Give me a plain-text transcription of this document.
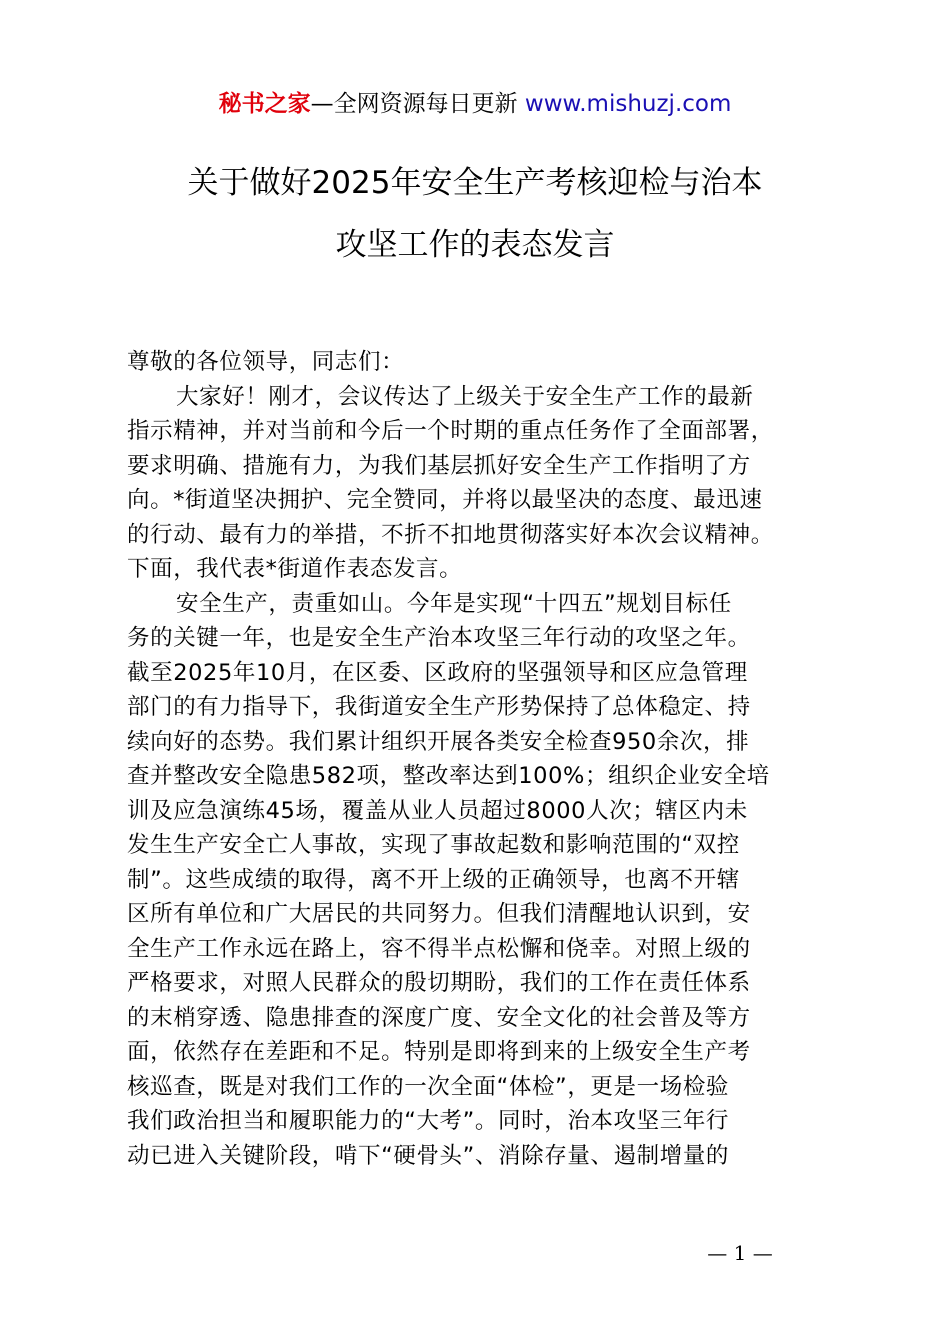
秘书之家—全网资源每日更新 www.mishuzj.com
关于做好2025年安全生产考核迎检与治本
攻坚工作的表态发言
尊敬的各位领导，同志们：
大家好！刚才，会议传达了上级关于安全生产工作的最新
指示精神，并对当前和今后一个时期的重点任务作了全面部署，
要求明确、措施有力，为我们基层抓好安全生产工作指明了方
向。*街道坚决拥护、完全赞同，并将以最坚决的态度、最迅速
的行动、最有力的举措，不折不扣地贯彻落实好本次会议精神。
下面，我代表*街道作表态发言。
安全生产，责重如山。今年是实现“十四五”规划目标任
务的关键一年，也是安全生产治本攻坚三年行动的攻坚之年。
截至2025年10月，在区委、区政府的坚强领导和区应急管理
部门的有力指导下，我街道安全生产形势保持了总体稳定、持
续向好的态势。我们累计组织开展各类安全检查950余次，排
查并整改安全隐患582项，整改率达到100%；组织企业安全培
训及应急演练45场，覆盖从业人员超过8000人次；辖区内未
发生生产安全亡人事故，实现了事故起数和影响范围的“双控
制”。这些成绩的取得，离不开上级的正确领导，也离不开辖
区所有单位和广大居民的共同努力。但我们清醒地认识到，安
全生产工作永远在路上，容不得半点松懈和侥幸。对照上级的
严格要求，对照人民群众的殷切期盼，我们的工作在责任体系
的末梢穿透、隐患排查的深度广度、安全文化的社会普及等方
面，依然存在差距和不足。特别是即将到来的上级安全生产考
核巡查，既是对我们工作的一次全面“体检”，更是一场检验
我们政治担当和履职能力的“大考”。同时，治本攻坚三年行
动已进入关键阶段，啃下“硬骨头”、消除存量、遏制增量的
— 1 —
